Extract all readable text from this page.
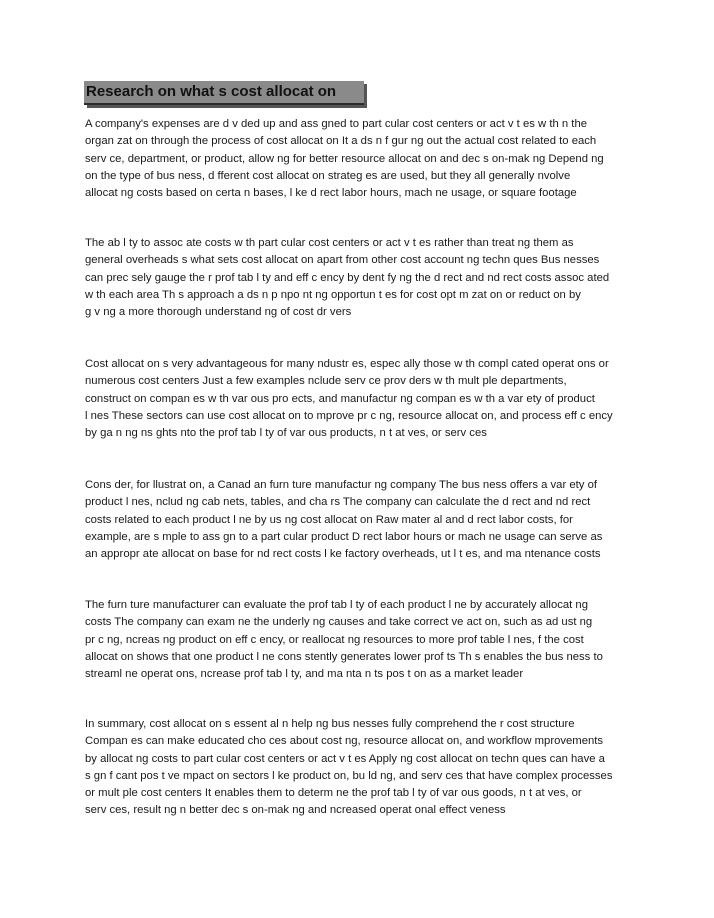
Research on what s cost allocat on
A company's expenses are d v ded up and ass gned to part cular cost centers or act v t es w th n the
organ zat on through the process of cost allocat on It a ds n f gur ng out the actual cost related to each
serv ce, department, or product, allow ng for better resource allocat on and dec s on-mak ng Depend ng
on the type of bus ness, d fferent cost allocat on strateg es are used, but they all generally nvolve
allocat ng costs based on certa n bases, l ke d rect labor hours, mach ne usage, or square footage
The ab l ty to assoc ate costs w th part cular cost centers or act v t es rather than treat ng them as
general overheads s what sets cost allocat on apart from other cost account ng techn ques Bus nesses
can prec sely gauge the r prof tab l ty and eff c ency by dent fy ng the d rect and nd rect costs assoc ated
w th each area Th s approach a ds n p npo nt ng opportun t es for cost opt m zat on or reduct on by
g v ng a more thorough understand ng of cost dr vers
Cost allocat on s very advantageous for many ndustr es, espec ally those w th compl cated operat ons or
numerous cost centers Just a few examples nclude serv ce prov ders w th mult ple departments,
construct on compan es w th var ous pro ects, and manufactur ng compan es w th a var ety of product
l nes These sectors can use cost allocat on to mprove pr c ng, resource allocat on, and process eff c ency
by ga n ng ns ghts nto the prof tab l ty of var ous products, n t at ves, or serv ces
Cons der, for llustrat on, a Canad an furn ture manufactur ng company The bus ness offers a var ety of
product l nes, nclud ng cab nets, tables, and cha rs The company can calculate the d rect and nd rect
costs related to each product l ne by us ng cost allocat on Raw mater al and d rect labor costs, for
example, are s mple to ass gn to a part cular product D rect labor hours or mach ne usage can serve as
an appropr ate allocat on base for nd rect costs l ke factory overheads, ut l t es, and ma ntenance costs
The furn ture manufacturer can evaluate the prof tab l ty of each product l ne by accurately allocat ng
costs The company can exam ne the underly ng causes and take correct ve act on, such as ad ust ng
pr c ng, ncreas ng product on eff c ency, or reallocat ng resources to more prof table l nes, f the cost
allocat on shows that one product l ne cons stently generates lower prof ts Th s enables the bus ness to
streaml ne operat ons, ncrease prof tab l ty, and ma nta n ts pos t on as a market leader
In summary, cost allocat on s essent al n help ng bus nesses fully comprehend the r cost structure
Compan es can make educated cho ces about cost ng, resource allocat on, and workflow mprovements
by allocat ng costs to part cular cost centers or act v t es Apply ng cost allocat on techn ques can have a
s gn f cant pos t ve mpact on sectors l ke product on, bu ld ng, and serv ces that have complex processes
or mult ple cost centers It enables them to determ ne the prof tab l ty of var ous goods, n t at ves, or
serv ces, result ng n better dec s on-mak ng and ncreased operat onal effect veness
